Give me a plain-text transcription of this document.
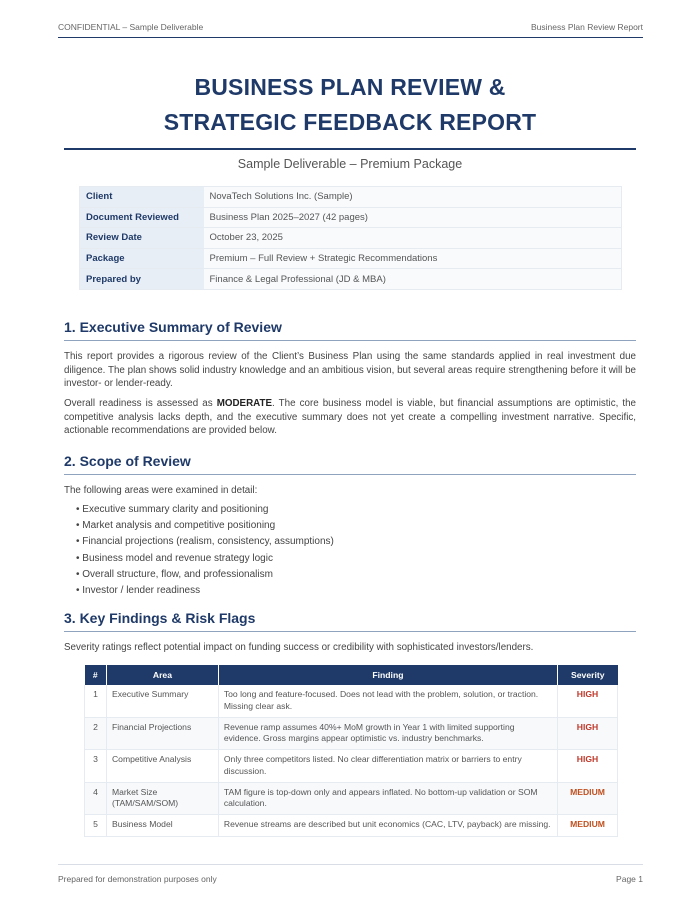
CONFIDENTIAL – Sample Deliverable	Business Plan Review Report
BUSINESS PLAN REVIEW &
STRATEGIC FEEDBACK REPORT
Sample Deliverable – Premium Package
Client	NovaTech Solutions Inc. (Sample)
Document Reviewed	Business Plan 2025–2027 (42 pages)
Review Date	October 23, 2025
Package	Premium – Full Review + Strategic Recommendations
Prepared by	Finance & Legal Professional (JD & MBA)
1. Executive Summary of Review

This report provides a rigorous review of the Client’s Business Plan using the same standards applied in real investment due diligence. The plan shows solid industry knowledge and an ambitious vision, but several areas require strengthening before it will be investor- or lender-ready.

Overall readiness is assessed as MODERATE. The core business model is viable, but financial assumptions are optimistic, the competitive analysis lacks depth, and the executive summary does not yet create a compelling investment narrative. Specific, actionable recommendations are provided below.

2. Scope of Review

The following areas were examined in detail:

• Executive summary clarity and positioning
• Market analysis and competitive positioning
• Financial projections (realism, consistency, assumptions)
• Business model and revenue strategy logic
• Overall structure, flow, and professionalism
• Investor / lender readiness
3. Key Findings & Risk Flags

Severity ratings reflect potential impact on funding success or credibility with sophisticated investors/lenders.

#	Area	Finding	Severity
1	Executive Summary	Too long and feature-focused. Does not lead with the problem, solution, or traction. Missing clear ask.	HIGH
2	Financial Projections	Revenue ramp assumes 40%+ MoM growth in Year 1 with limited supporting evidence. Gross margins appear optimistic vs. industry benchmarks.	HIGH
3	Competitive Analysis	Only three competitors listed. No clear differentiation matrix or barriers to entry discussion.	HIGH
4	Market Size (TAM/SAM/SOM)	TAM figure is top-down only and appears inflated. No bottom-up validation or SOM calculation.	MEDIUM
5	Business Model	Revenue streams are described but unit economics (CAC, LTV, payback) are missing.	MEDIUM
Prepared for demonstration purposes only	Page 1
